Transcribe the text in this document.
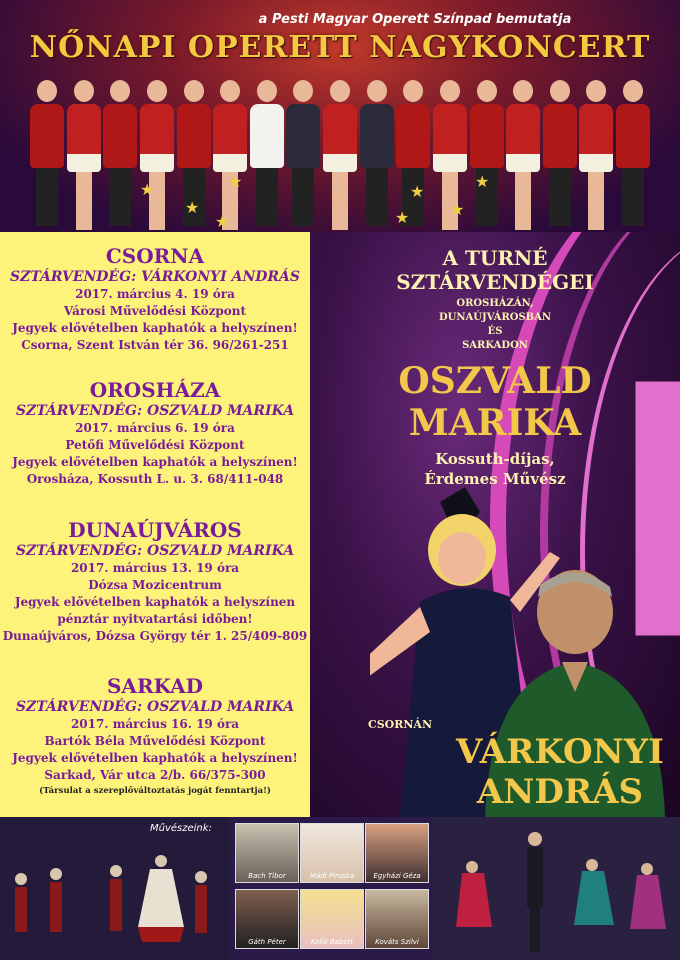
★
★
★
★
★
★
★
★
a Pesti Magyar Operett Színpad bemutatja
NŐNAPI OPERETT NAGYKONCERT
CSORNA
SZTÁRVENDÉG: VÁRKONYI ANDRÁS
2017. március 4. 19 óra
Városi Művelődési Központ
Jegyek elővételben kaphatók a helyszínen!
Csorna, Szent István tér 36. 96/261-251
OROSHÁZA
SZTÁRVENDÉG: OSZVALD MARIKA
2017. március 6. 19 óra
Petőfi Művelődési Központ
Jegyek elővételben kaphatók a helyszínen!
Orosháza, Kossuth L. u. 3. 68/411-048
DUNAÚJVÁROS
SZTÁRVENDÉG: OSZVALD MARIKA
2017. március 13. 19 óra
Dózsa Mozicentrum
Jegyek elővételben kaphatók a helyszínen
pénztár nyitvatartási időben!
Dunaújváros, Dózsa György tér 1. 25/409-809
SARKAD
SZTÁRVENDÉG: OSZVALD MARIKA
2017. március 16. 19 óra
Bartók Béla Művelődési Központ
Jegyek elővételben kaphatók a helyszínen!
Sarkad, Vár utca 2/b. 66/375-300
(Társulat a szereplőváltoztatás jogát fenntartja!)
A TURNÉ
SZTÁRVENDÉGEI
OROSHÁZÁN,
DUNAÚJVÁROSBAN
ÉS
SARKADON
OSZVALD
MARIKA
Kossuth-díjas,
Érdemes Művész
CSORNÁN
VÁRKONYI
ANDRÁS
Művészeink:
Bach Tibor	Mádi Piroska	Egyházi Géza
Gáth Péter	Kollő Babett	Kováts Szilvi
